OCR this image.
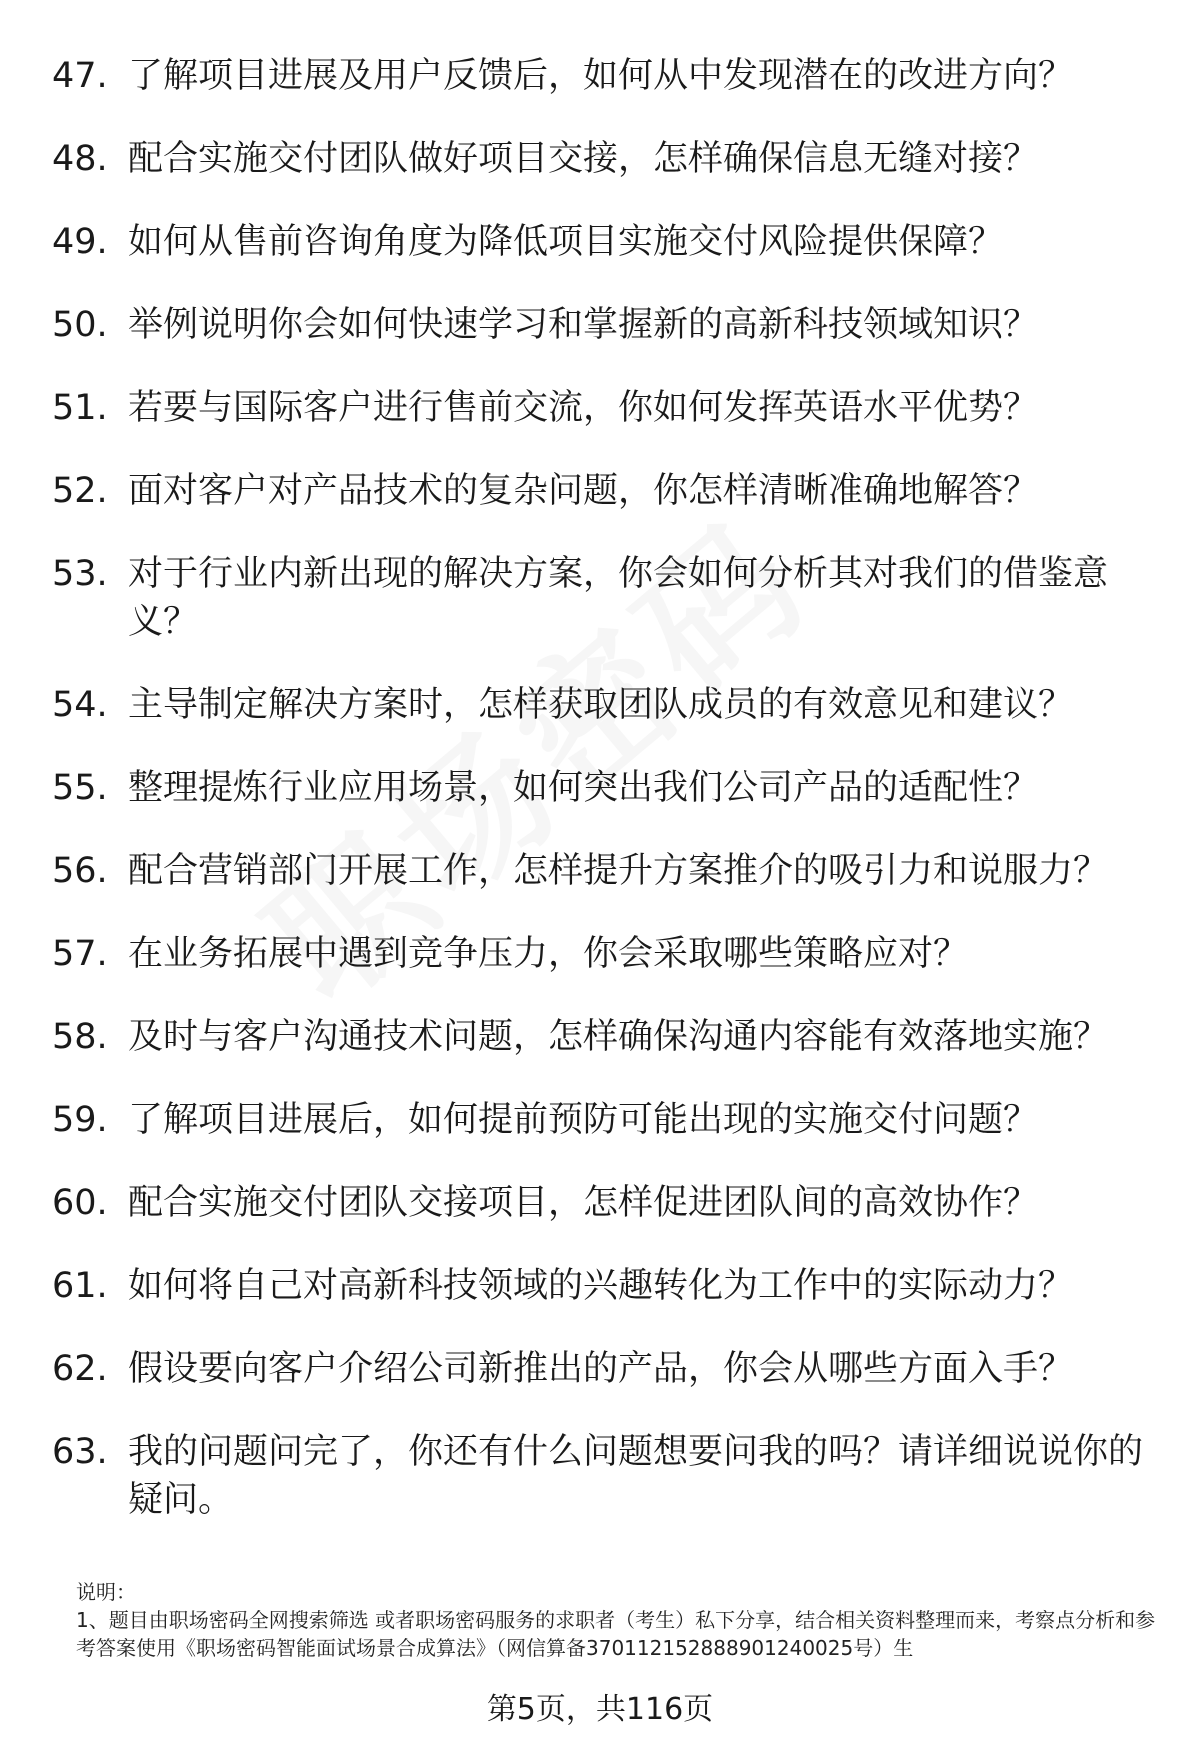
47. 了解项目进展及用户反馈后，如何从中发现潜在的改进方向？
48. 配合实施交付团队做好项目交接，怎样确保信息无缝对接？
49. 如何从售前咨询角度为降低项目实施交付风险提供保障？
50. 举例说明你会如何快速学习和掌握新的高新科技领域知识？
51. 若要与国际客户进行售前交流，你如何发挥英语水平优势？
52. 面对客户对产品技术的复杂问题，你怎样清晰准确地解答？
53. 对于行业内新出现的解决方案，你会如何分析其对我们的借鉴意义？
54. 主导制定解决方案时，怎样获取团队成员的有效意见和建议？
55. 整理提炼行业应用场景，如何突出我们公司产品的适配性？
56. 配合营销部门开展工作，怎样提升方案推介的吸引力和说服力？
57. 在业务拓展中遇到竞争压力，你会采取哪些策略应对？
58. 及时与客户沟通技术问题，怎样确保沟通内容能有效落地实施？
59. 了解项目进展后，如何提前预防可能出现的实施交付问题？
60. 配合实施交付团队交接项目，怎样促进团队间的高效协作？
61. 如何将自己对高新科技领域的兴趣转化为工作中的实际动力？
62. 假设要向客户介绍公司新推出的产品，你会从哪些方面入手？
63. 我的问题问完了，你还有什么问题想要问我的吗？请详细说说你的疑问。

说明：

1、题目由职场密码全网搜索筛选 或者职场密码服务的求职者（考生）私下分享，结合相关资料整理而来，考察点分析和参考答案使用《职场密码智能面试场景合成算法》（网信算备370112152888901240025号）生

第5页，共116页
